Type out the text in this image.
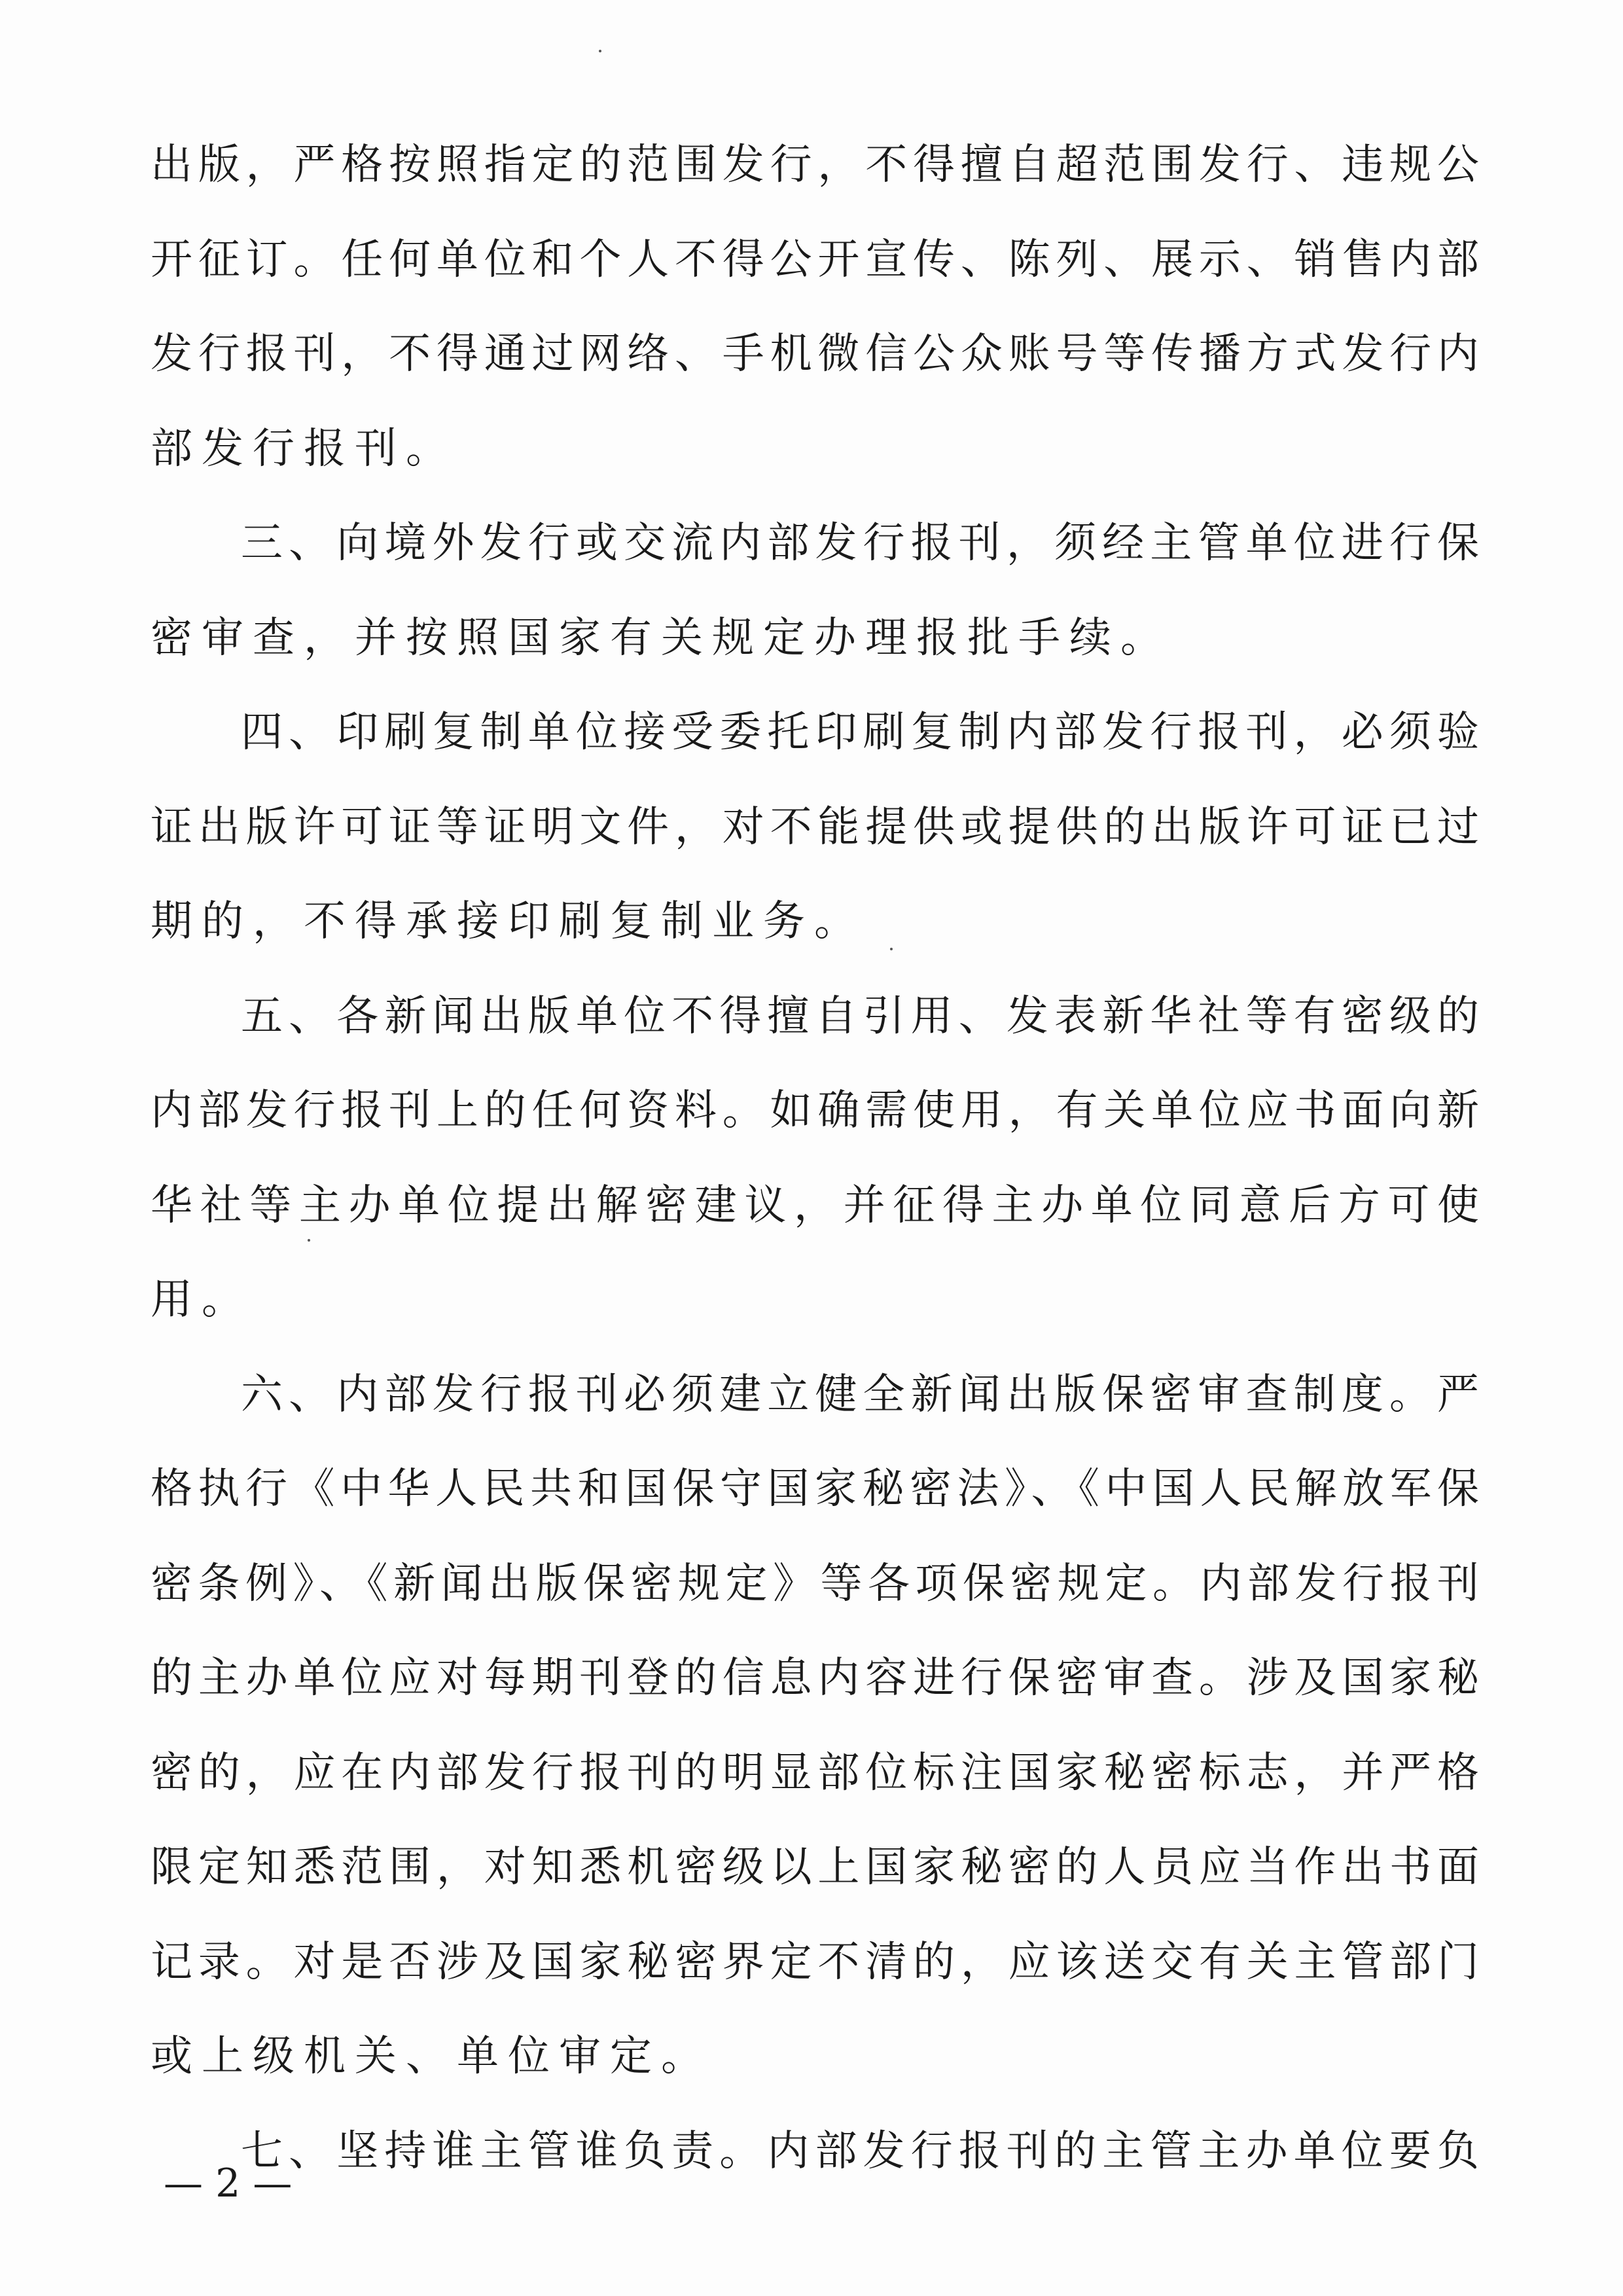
出版，严格按照指定的范围发行，不得擅自超范围发行、违规公
开征订。任何单位和个人不得公开宣传、陈列、展示、销售内部
发行报刊，不得通过网络、手机微信公众账号等传播方式发行内
部发行报刊。
三、向境外发行或交流内部发行报刊，须经主管单位进行保
密审查，并按照国家有关规定办理报批手续。
四、印刷复制单位接受委托印刷复制内部发行报刊，必须验
证出版许可证等证明文件，对不能提供或提供的出版许可证已过
期的，不得承接印刷复制业务。
五、各新闻出版单位不得擅自引用、发表新华社等有密级的
内部发行报刊上的任何资料。如确需使用，有关单位应书面向新
华社等主办单位提出解密建议，并征得主办单位同意后方可使
用。
六、内部发行报刊必须建立健全新闻出版保密审查制度。严
格执行《中华人民共和国保守国家秘密法》、《中国人民解放军保
密条例》、《新闻出版保密规定》等各项保密规定。内部发行报刊
的主办单位应对每期刊登的信息内容进行保密审查。涉及国家秘
密的，应在内部发行报刊的明显部位标注国家秘密标志，并严格
限定知悉范围，对知悉机密级以上国家秘密的人员应当作出书面
记录。对是否涉及国家秘密界定不清的，应该送交有关主管部门
或上级机关、单位审定。
七、坚持谁主管谁负责。内部发行报刊的主管主办单位要负
— 2 —
